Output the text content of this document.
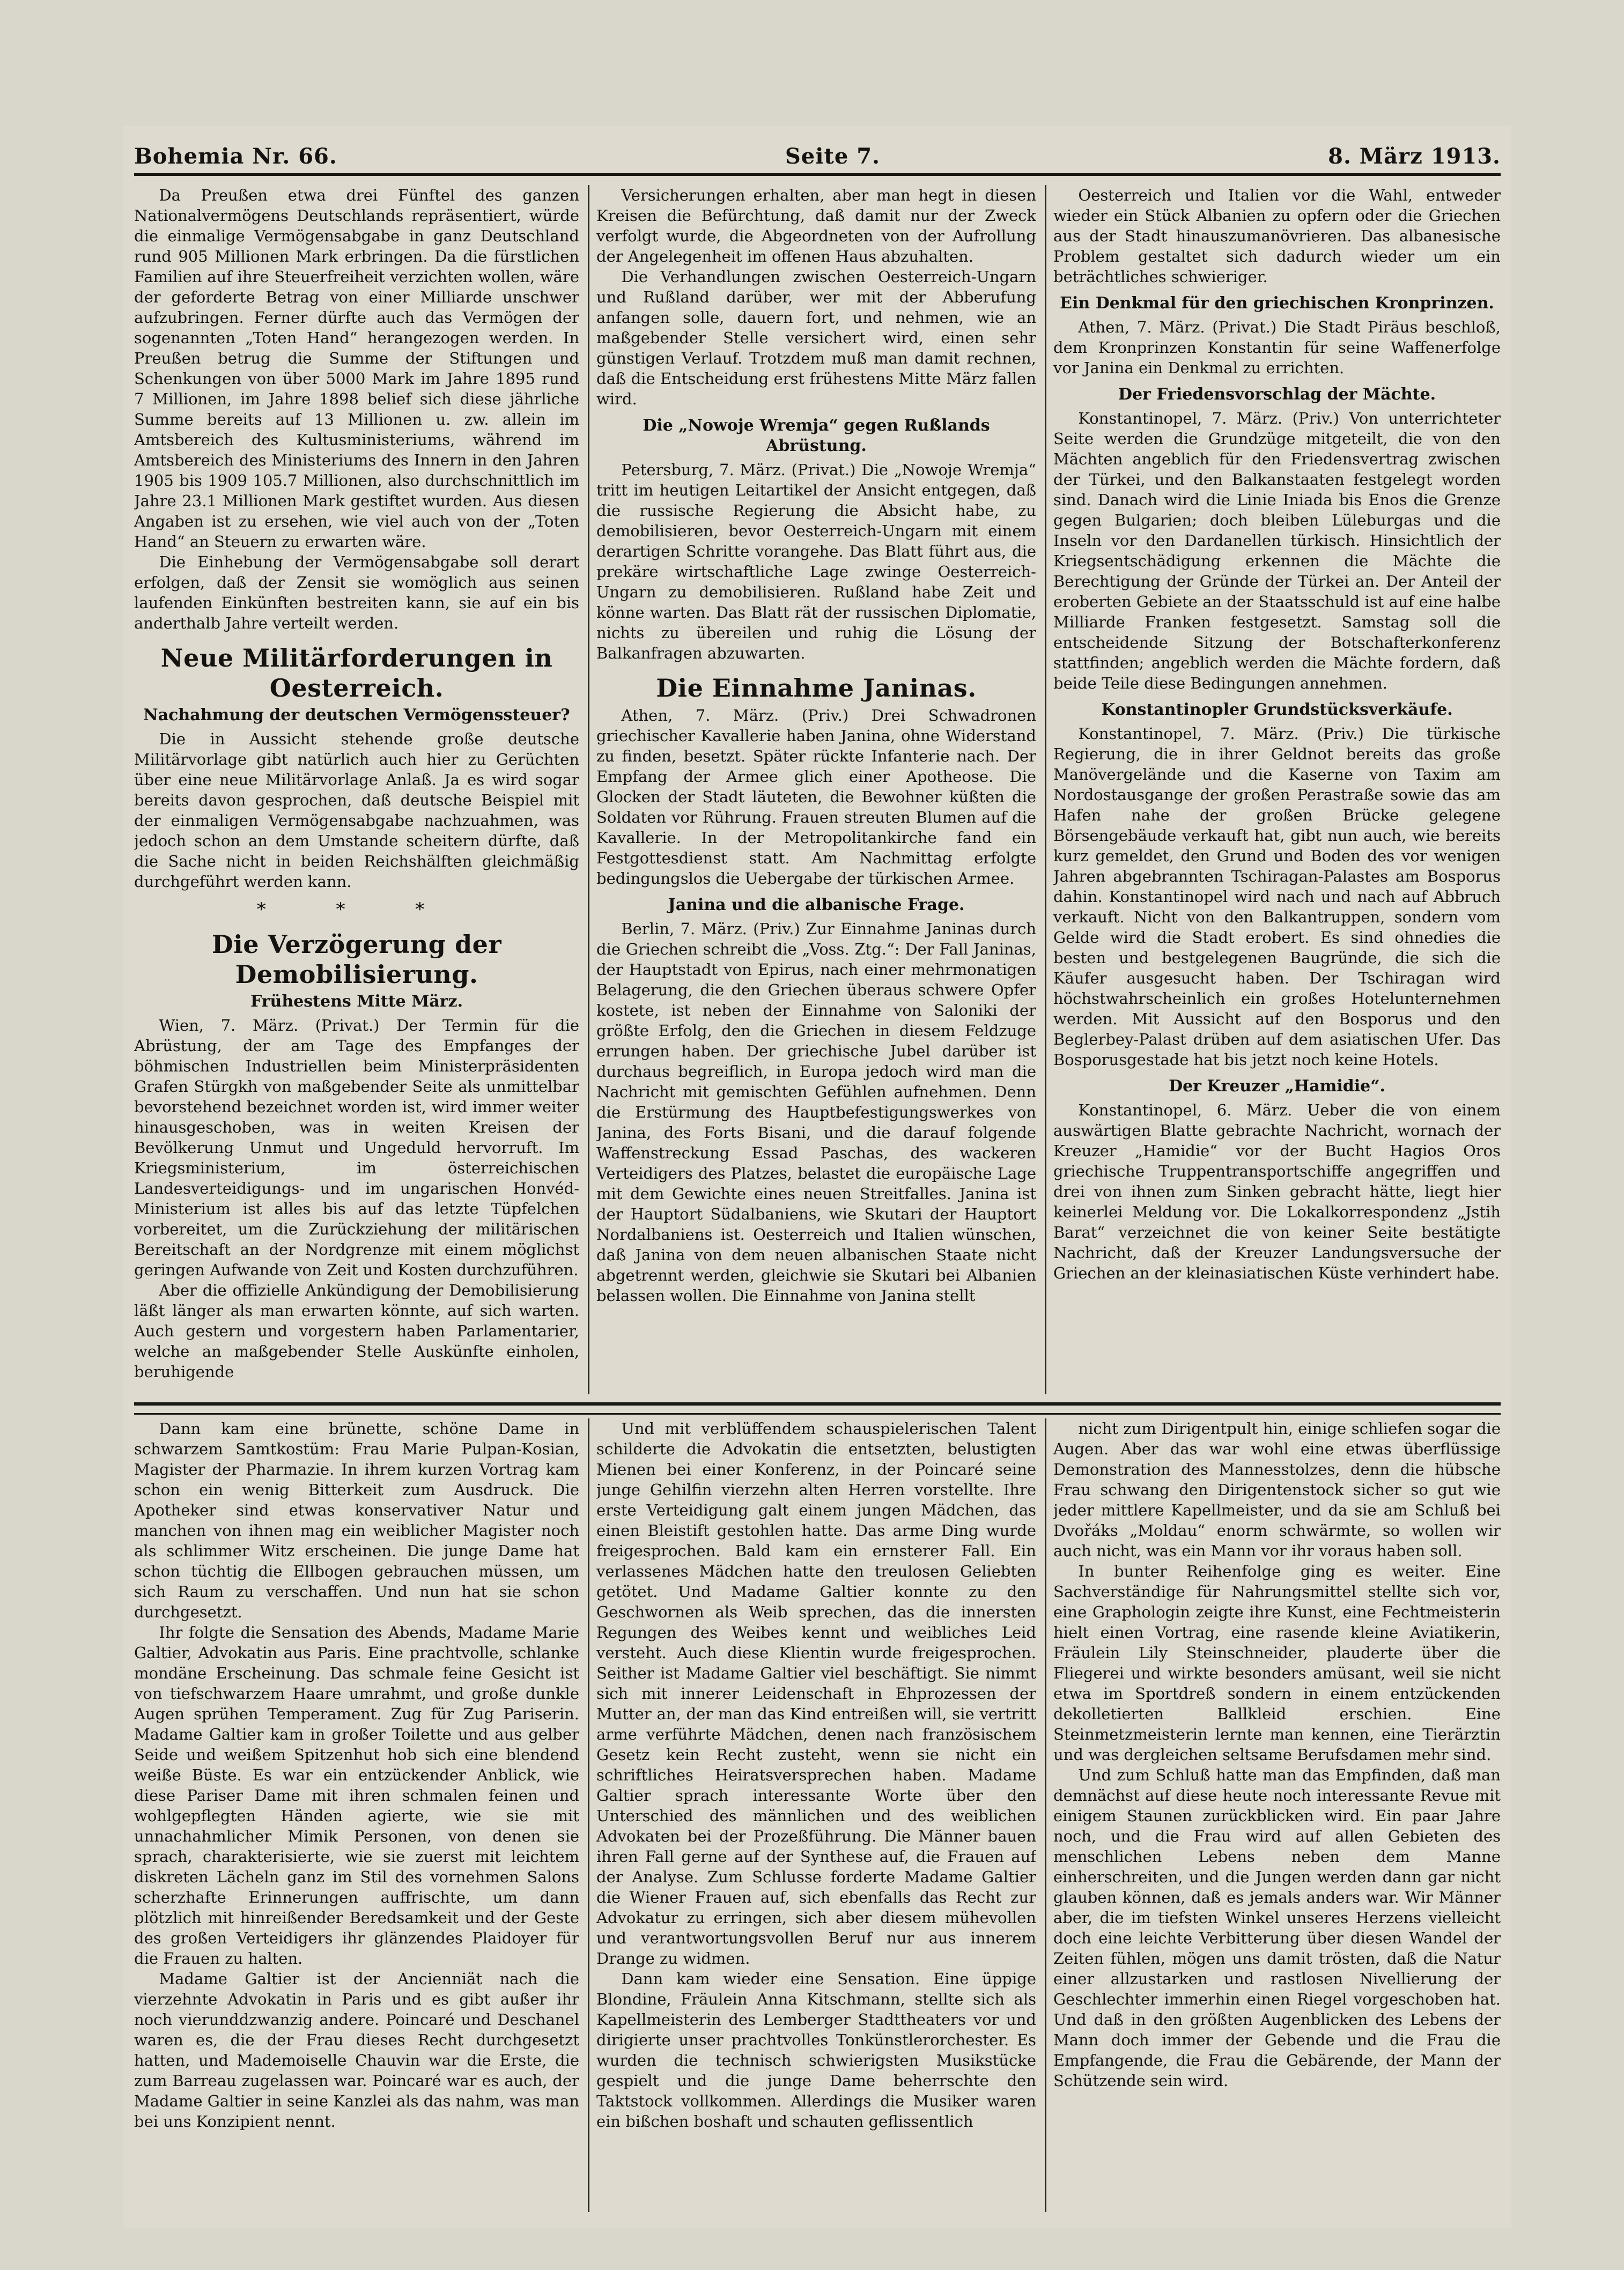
Bohemia Nr. 66.	Seite 7.	8. März 1913.

Da Preußen etwa drei Fünftel des ganzen Nationalvermögens Deutschlands repräsentiert, würde die einmalige Vermögensabgabe in ganz Deutschland rund 905 Millionen Mark erbringen. Da die fürstlichen Familien auf ihre Steuerfreiheit verzichten wollen, wäre der geforderte Betrag von einer Milliarde unschwer aufzubringen. Ferner dürfte auch das Vermögen der sogenannten „Toten Hand“ herangezogen werden. In Preußen betrug die Summe der Stiftungen und Schenkungen von über 5000 Mark im Jahre 1895 rund 7 Millionen, im Jahre 1898 belief sich diese jährliche Summe bereits auf 13 Millionen u. zw. allein im Amtsbereich des Kultusministeriums, während im Amtsbereich des Ministeriums des Innern in den Jahren 1905 bis 1909 105.7 Millionen, also durchschnittlich im Jahre 23.1 Millionen Mark gestiftet wurden. Aus diesen Angaben ist zu ersehen, wie viel auch von der „Toten Hand“ an Steuern zu erwarten wäre.

Die Einhebung der Vermögensabgabe soll derart erfolgen, daß der Zensit sie womöglich aus seinen laufenden Einkünften bestreiten kann, sie auf ein bis anderthalb Jahre verteilt werden.

Neue Militärforderungen in Oesterreich.
Nachahmung der deutschen Vermögenssteuer?

Die in Aussicht stehende große deutsche Militärvorlage gibt natürlich auch hier zu Gerüchten über eine neue Militärvorlage Anlaß. Ja es wird sogar bereits davon gesprochen, daß deutsche Beispiel mit der einmaligen Vermögensabgabe nachzuahmen, was jedoch schon an dem Umstande scheitern dürfte, daß die Sache nicht in beiden Reichshälften gleichmäßig durchgeführt werden kann.

* * *
Die Verzögerung der Demobilisierung.
Frühestens Mitte März.

Wien, 7. März. (Privat.) Der Termin für die Abrüstung, der am Tage des Empfanges der böhmischen Industriellen beim Ministerpräsidenten Grafen Stürgkh von maßgebender Seite als unmittelbar bevorstehend bezeichnet worden ist, wird immer weiter hinausgeschoben, was in weiten Kreisen der Bevölkerung Unmut und Ungeduld hervorruft. Im Kriegsministerium, im österreichischen Landesverteidigungs- und im ungarischen Honvéd-Ministerium ist alles bis auf das letzte Tüpfelchen vorbereitet, um die Zurückziehung der militärischen Bereitschaft an der Nordgrenze mit einem möglichst geringen Aufwande von Zeit und Kosten durchzuführen.

Aber die offizielle Ankündigung der Demobilisierung läßt länger als man erwarten könnte, auf sich warten. Auch gestern und vorgestern haben Parlamentarier, welche an maßgebender Stelle Auskünfte einholen, beruhigende

Versicherungen erhalten, aber man hegt in diesen Kreisen die Befürchtung, daß damit nur der Zweck verfolgt wurde, die Abgeordneten von der Aufrollung der Angelegenheit im offenen Haus abzuhalten.

Die Verhandlungen zwischen Oesterreich-Ungarn und Rußland darüber, wer mit der Abberufung anfangen solle, dauern fort, und nehmen, wie an maßgebender Stelle versichert wird, einen sehr günstigen Verlauf. Trotzdem muß man damit rechnen, daß die Entscheidung erst frühestens Mitte März fallen wird.

Die „Nowoje Wremja“ gegen Rußlands Abrüstung.

Petersburg, 7. März. (Privat.) Die „Nowoje Wremja“ tritt im heutigen Leitartikel der Ansicht entgegen, daß die russische Regierung die Absicht habe, zu demobilisieren, bevor Oesterreich-Ungarn mit einem derartigen Schritte vorangehe. Das Blatt führt aus, die prekäre wirtschaftliche Lage zwinge Oesterreich-Ungarn zu demobilisieren. Rußland habe Zeit und könne warten. Das Blatt rät der russischen Diplomatie, nichts zu übereilen und ruhig die Lösung der Balkanfragen abzuwarten.

Die Einnahme Janinas.

Athen, 7. März. (Priv.) Drei Schwadronen griechischer Kavallerie haben Janina, ohne Widerstand zu finden, besetzt. Später rückte Infanterie nach. Der Empfang der Armee glich einer Apotheose. Die Glocken der Stadt läuteten, die Bewohner küßten die Soldaten vor Rührung. Frauen streuten Blumen auf die Kavallerie. In der Metropolitankirche fand ein Festgottesdienst statt. Am Nachmittag erfolgte bedingungslos die Uebergabe der türkischen Armee.

Janina und die albanische Frage.

Berlin, 7. März. (Priv.) Zur Einnahme Janinas durch die Griechen schreibt die „Voss. Ztg.“: Der Fall Janinas, der Hauptstadt von Epirus, nach einer mehrmonatigen Belagerung, die den Griechen überaus schwere Opfer kostete, ist neben der Einnahme von Saloniki der größte Erfolg, den die Griechen in diesem Feldzuge errungen haben. Der griechische Jubel darüber ist durchaus begreiflich, in Europa jedoch wird man die Nachricht mit gemischten Gefühlen aufnehmen. Denn die Erstürmung des Hauptbefestigungswerkes von Janina, des Forts Bisani, und die darauf folgende Waffenstreckung Essad Paschas, des wackeren Verteidigers des Platzes, belastet die europäische Lage mit dem Gewichte eines neuen Streitfalles. Janina ist der Hauptort Südalbaniens, wie Skutari der Hauptort Nordalbaniens ist. Oesterreich und Italien wünschen, daß Janina von dem neuen albanischen Staate nicht abgetrennt werden, gleichwie sie Skutari bei Albanien belassen wollen. Die Einnahme von Janina stellt

Oesterreich und Italien vor die Wahl, entweder wieder ein Stück Albanien zu opfern oder die Griechen aus der Stadt hinauszumanövrieren. Das albanesische Problem gestaltet sich dadurch wieder um ein beträchtliches schwieriger.

Ein Denkmal für den griechischen Kronprinzen.

Athen, 7. März. (Privat.) Die Stadt Piräus beschloß, dem Kronprinzen Konstantin für seine Waffenerfolge vor Janina ein Denkmal zu errichten.

Der Friedensvorschlag der Mächte.

Konstantinopel, 7. März. (Priv.) Von unterrichteter Seite werden die Grundzüge mitgeteilt, die von den Mächten angeblich für den Friedensvertrag zwischen der Türkei, und den Balkanstaaten festgelegt worden sind. Danach wird die Linie Iniada bis Enos die Grenze gegen Bulgarien; doch bleiben Lüleburgas und die Inseln vor den Dardanellen türkisch. Hinsichtlich der Kriegsentschädigung erkennen die Mächte die Berechtigung der Gründe der Türkei an. Der Anteil der eroberten Gebiete an der Staatsschuld ist auf eine halbe Milliarde Franken festgesetzt. Samstag soll die entscheidende Sitzung der Botschafterkonferenz stattfinden; angeblich werden die Mächte fordern, daß beide Teile diese Bedingungen annehmen.

Konstantinopler Grundstücksverkäufe.

Konstantinopel, 7. März. (Priv.) Die türkische Regierung, die in ihrer Geldnot bereits das große Manövergelände und die Kaserne von Taxim am Nordostausgange der großen Perastraße sowie das am Hafen nahe der großen Brücke gelegene Börsengebäude verkauft hat, gibt nun auch, wie bereits kurz gemeldet, den Grund und Boden des vor wenigen Jahren abgebrannten Tschiragan-Palastes am Bosporus dahin. Konstantinopel wird nach und nach auf Abbruch verkauft. Nicht von den Balkantruppen, sondern vom Gelde wird die Stadt erobert. Es sind ohnedies die besten und bestgelegenen Baugründe, die sich die Käufer ausgesucht haben. Der Tschiragan wird höchstwahrscheinlich ein großes Hotelunternehmen werden. Mit Aussicht auf den Bosporus und den Beglerbey-Palast drüben auf dem asiatischen Ufer. Das Bosporusgestade hat bis jetzt noch keine Hotels.

Der Kreuzer „Hamidie“.

Konstantinopel, 6. März. Ueber die von einem auswärtigen Blatte gebrachte Nachricht, wornach der Kreuzer „Hamidie“ vor der Bucht Hagios Oros griechische Truppentransportschiffe angegriffen und drei von ihnen zum Sinken gebracht hätte, liegt hier keinerlei Meldung vor. Die Lokalkorrespondenz „Jstih Barat“ verzeichnet die von keiner Seite bestätigte Nachricht, daß der Kreuzer Landungsversuche der Griechen an der kleinasiatischen Küste verhindert habe.

Dann kam eine brünette, schöne Dame in schwarzem Samtkostüm: Frau Marie Pulpan-Kosian, Magister der Pharmazie. In ihrem kurzen Vortrag kam schon ein wenig Bitterkeit zum Ausdruck. Die Apotheker sind etwas konservativer Natur und manchen von ihnen mag ein weiblicher Magister noch als schlimmer Witz erscheinen. Die junge Dame hat schon tüchtig die Ellbogen gebrauchen müssen, um sich Raum zu verschaffen. Und nun hat sie schon durchgesetzt.

Ihr folgte die Sensation des Abends, Madame Marie Galtier, Advokatin aus Paris. Eine prachtvolle, schlanke mondäne Erscheinung. Das schmale feine Gesicht ist von tiefschwarzem Haare umrahmt, und große dunkle Augen sprühen Temperament. Zug für Zug Pariserin. Madame Galtier kam in großer Toilette und aus gelber Seide und weißem Spitzenhut hob sich eine blendend weiße Büste. Es war ein entzückender Anblick, wie diese Pariser Dame mit ihren schmalen feinen und wohlgepflegten Händen agierte, wie sie mit unnachahmlicher Mimik Personen, von denen sie sprach, charakterisierte, wie sie zuerst mit leichtem diskreten Lächeln ganz im Stil des vornehmen Salons scherzhafte Erinnerungen auffrischte, um dann plötzlich mit hinreißender Beredsamkeit und der Geste des großen Verteidigers ihr glänzendes Plaidoyer für die Frauen zu halten.

Madame Galtier ist der Ancienniät nach die vierzehnte Advokatin in Paris und es gibt außer ihr noch vierunddzwanzig andere. Poincaré und Deschanel waren es, die der Frau dieses Recht durchgesetzt hatten, und Mademoiselle Chauvin war die Erste, die zum Barreau zugelassen war. Poincaré war es auch, der Madame Galtier in seine Kanzlei als das nahm, was man bei uns Konzipient nennt.

Und mit verblüffendem schauspielerischen Talent schilderte die Advokatin die entsetzten, belustigten Mienen bei einer Konferenz, in der Poincaré seine junge Gehilfin vierzehn alten Herren vorstellte. Ihre erste Verteidigung galt einem jungen Mädchen, das einen Bleistift gestohlen hatte. Das arme Ding wurde freigesprochen. Bald kam ein ernsterer Fall. Ein verlassenes Mädchen hatte den treulosen Geliebten getötet. Und Madame Galtier konnte zu den Geschwornen als Weib sprechen, das die innersten Regungen des Weibes kennt und weibliches Leid versteht. Auch diese Klientin wurde freigesprochen. Seither ist Madame Galtier viel beschäftigt. Sie nimmt sich mit innerer Leidenschaft in Ehprozessen der Mutter an, der man das Kind entreißen will, sie vertritt arme verführte Mädchen, denen nach französischem Gesetz kein Recht zusteht, wenn sie nicht ein schriftliches Heiratsversprechen haben. Madame Galtier sprach interessante Worte über den Unterschied des männlichen und des weiblichen Advokaten bei der Prozeßführung. Die Männer bauen ihren Fall gerne auf der Synthese auf, die Frauen auf der Analyse. Zum Schlusse forderte Madame Galtier die Wiener Frauen auf, sich ebenfalls das Recht zur Advokatur zu erringen, sich aber diesem mühevollen und verantwortungsvollen Beruf nur aus innerem Drange zu widmen.

Dann kam wieder eine Sensation. Eine üppige Blondine, Fräulein Anna Kitschmann, stellte sich als Kapellmeisterin des Lemberger Stadttheaters vor und dirigierte unser prachtvolles Tonkünstlerorchester. Es wurden die technisch schwierigsten Musikstücke gespielt und die junge Dame beherrschte den Taktstock vollkommen. Allerdings die Musiker waren ein bißchen boshaft und schauten geflissentlich

nicht zum Dirigentpult hin, einige schliefen sogar die Augen. Aber das war wohl eine etwas überflüssige Demonstration des Mannesstolzes, denn die hübsche Frau schwang den Dirigentenstock sicher so gut wie jeder mittlere Kapellmeister, und da sie am Schluß bei Dvořáks „Moldau“ enorm schwärmte, so wollen wir auch nicht, was ein Mann vor ihr voraus haben soll.

In bunter Reihenfolge ging es weiter. Eine Sachverständige für Nahrungsmittel stellte sich vor, eine Graphologin zeigte ihre Kunst, eine Fechtmeisterin hielt einen Vortrag, eine rasende kleine Aviatikerin, Fräulein Lily Steinschneider, plauderte über die Fliegerei und wirkte besonders amüsant, weil sie nicht etwa im Sportdreß sondern in einem entzückenden dekolletierten Ballkleid erschien. Eine Steinmetzmeisterin lernte man kennen, eine Tierärztin und was dergleichen seltsame Berufsdamen mehr sind.

Und zum Schluß hatte man das Empfinden, daß man demnächst auf diese heute noch interessante Revue mit einigem Staunen zurückblicken wird. Ein paar Jahre noch, und die Frau wird auf allen Gebieten des menschlichen Lebens neben dem Manne einherschreiten, und die Jungen werden dann gar nicht glauben können, daß es jemals anders war. Wir Männer aber, die im tiefsten Winkel unseres Herzens vielleicht doch eine leichte Verbitterung über diesen Wandel der Zeiten fühlen, mögen uns damit trösten, daß die Natur einer allzustarken und rastlosen Nivellierung der Geschlechter immerhin einen Riegel vorgeschoben hat. Und daß in den größten Augenblicken des Lebens der Mann doch immer der Gebende und die Frau die Empfangende, die Frau die Gebärende, der Mann der Schützende sein wird.
